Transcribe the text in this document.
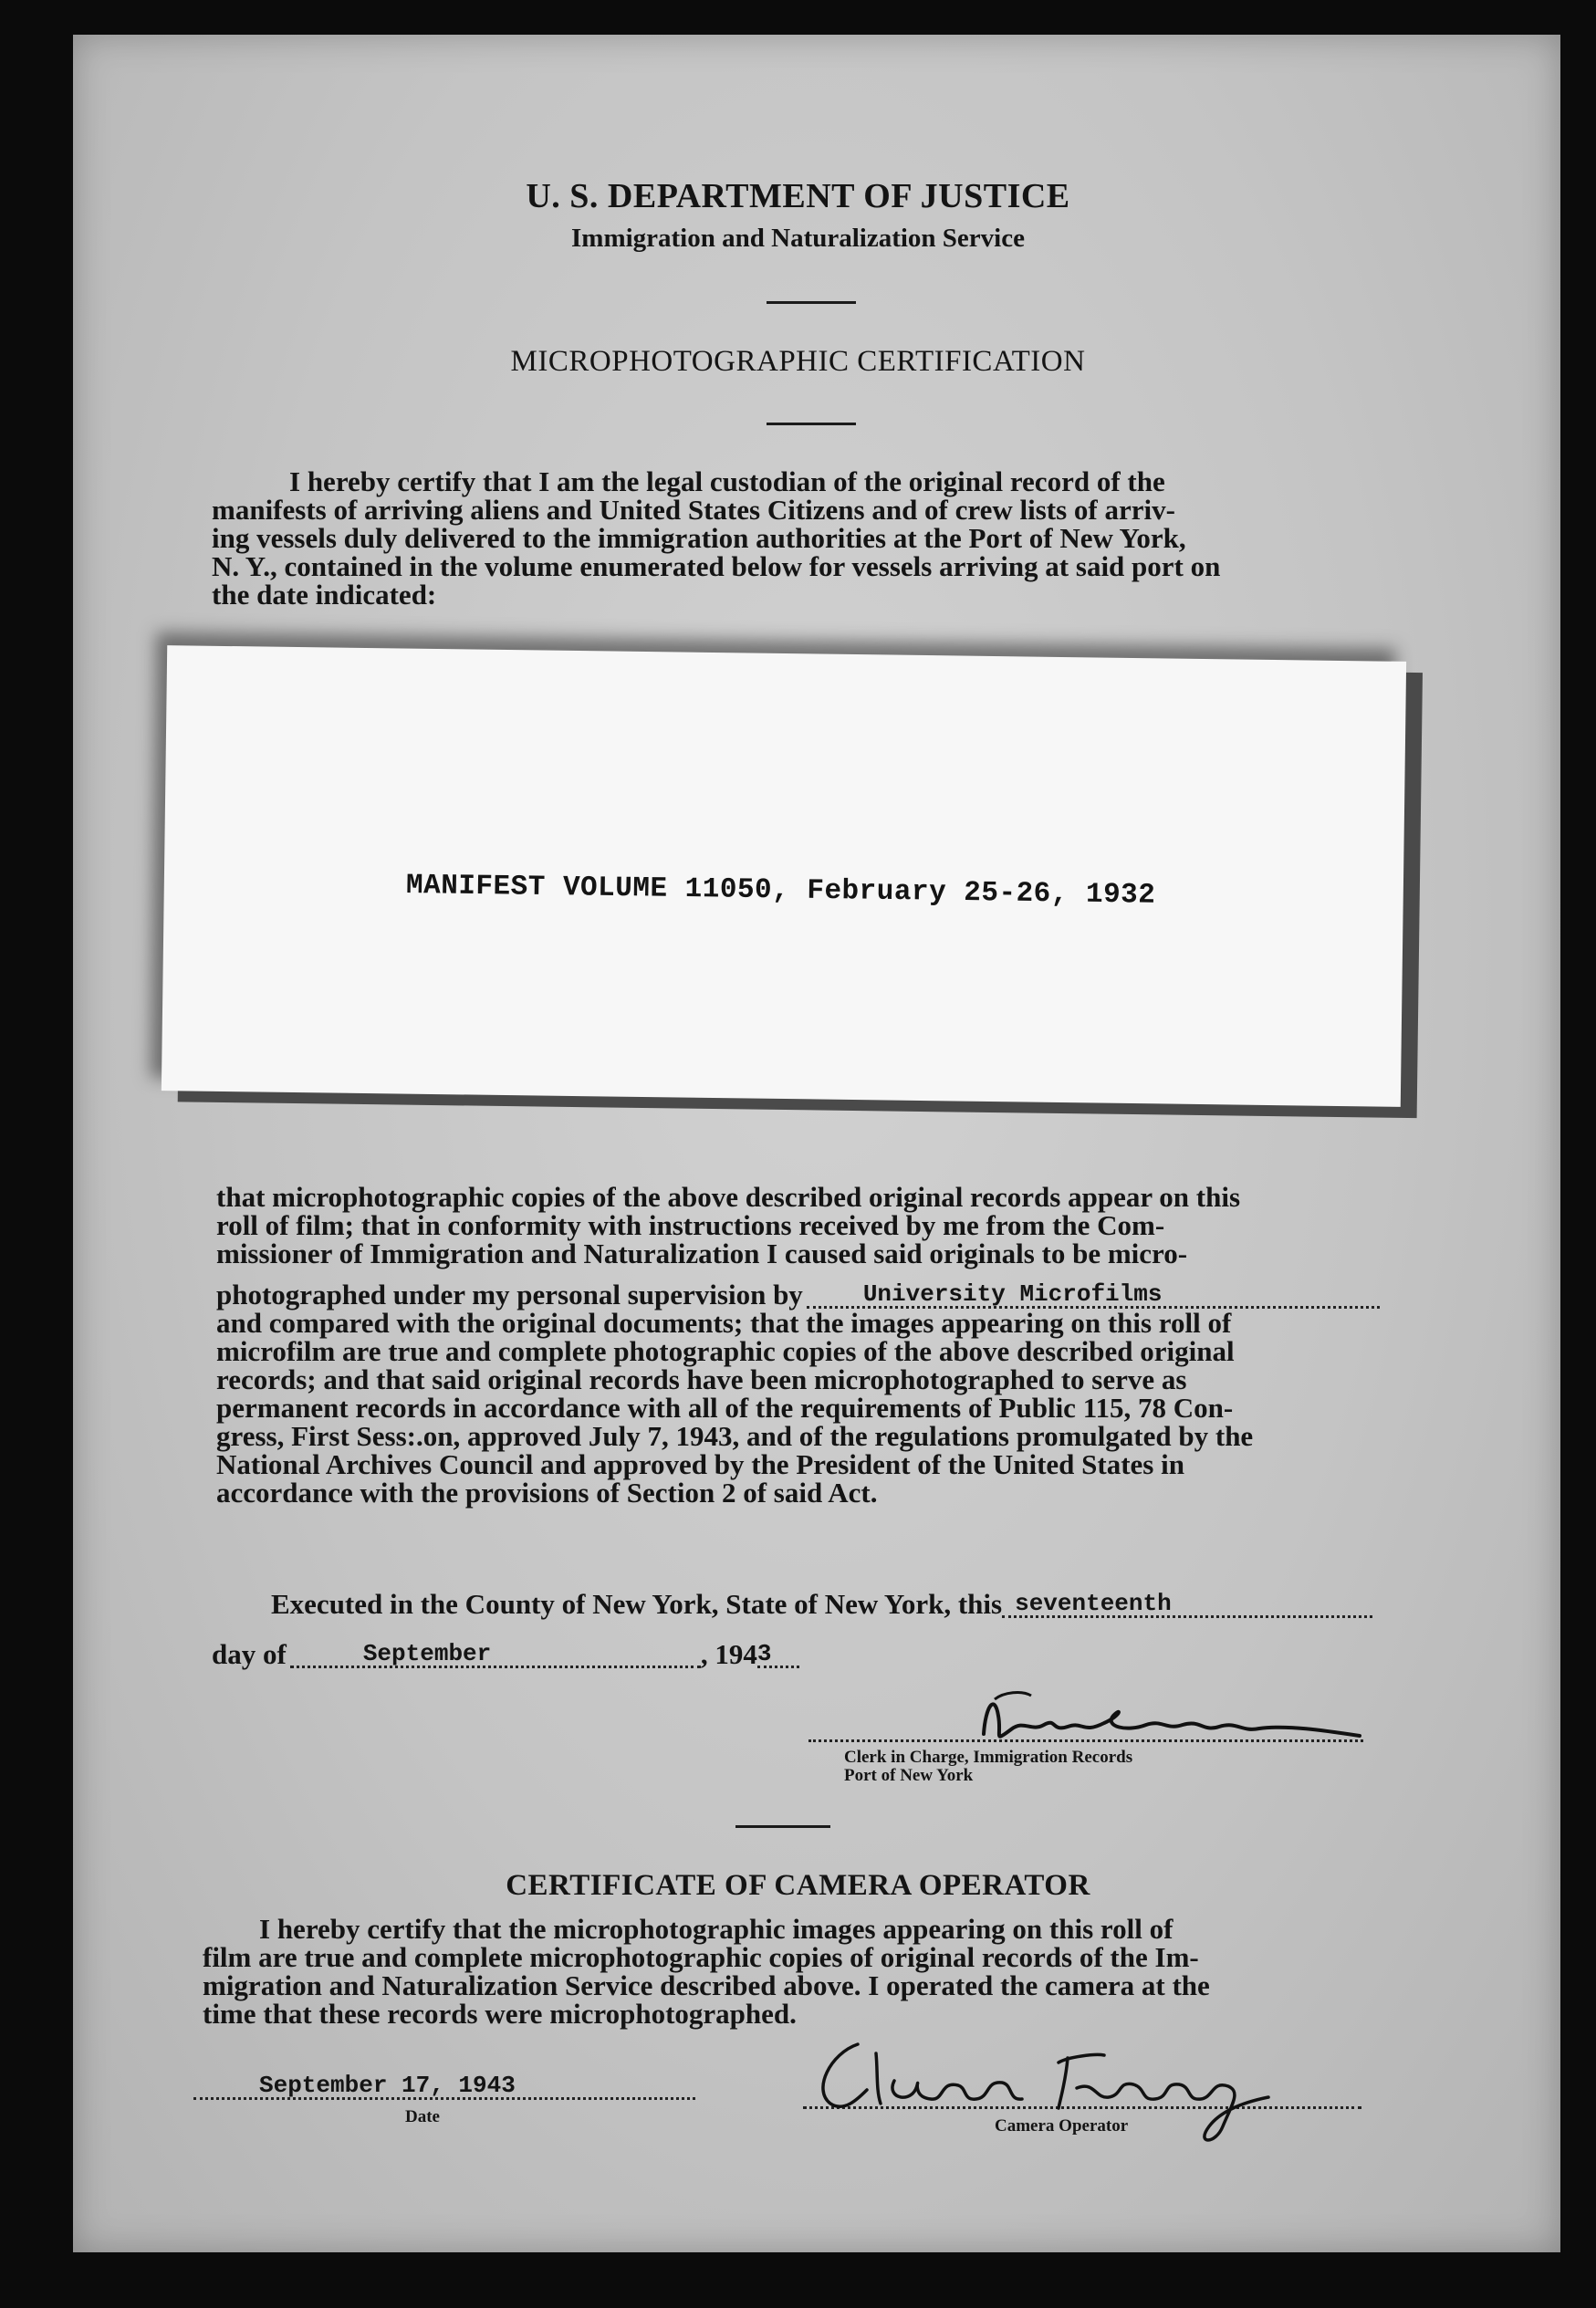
U. S. DEPARTMENT OF JUSTICE
Immigration and Naturalization Service
MICROPHOTOGRAPHIC CERTIFICATION
I hereby certify that I am the legal custodian of the original record of the
manifests of arriving aliens and United States Citizens and of crew lists of arriv-
ing vessels duly delivered to the immigration authorities at the Port of New York,
N. Y., contained in the volume enumerated below for vessels arriving at said port on
the date indicated:
MANIFEST VOLUME 11050, February 25-26, 1932
that microphotographic copies of the above described original records appear on this
roll of film; that in conformity with instructions received by me from the Com-
missioner of Immigration and Naturalization I caused said originals to be micro-
photographed under my personal supervision by	University Microfilms
and compared with the original documents; that the images appearing on this roll of
microfilm are true and complete photographic copies of the above described original
records; and that said original records have been microphotographed to serve as
permanent records in accordance with all of the requirements of Public 115, 78 Con-
gress, First Sess:.on, approved July 7, 1943, and of the regulations promulgated by the
National Archives Council and approved by the President of the United States in
accordance with the provisions of Section 2 of said Act.
Executed in the County of New York, State of New York, this seventeenth
day of	September	, 194 3
Clerk in Charge, Immigration Records
Port of New York
CERTIFICATE OF CAMERA OPERATOR
I hereby certify that the microphotographic images appearing on this roll of
film are true and complete microphotographic copies of original records of the Im-
migration and Naturalization Service described above. I operated the camera at the
time that these records were microphotographed.
September 17, 1943
Date	Camera Operator
